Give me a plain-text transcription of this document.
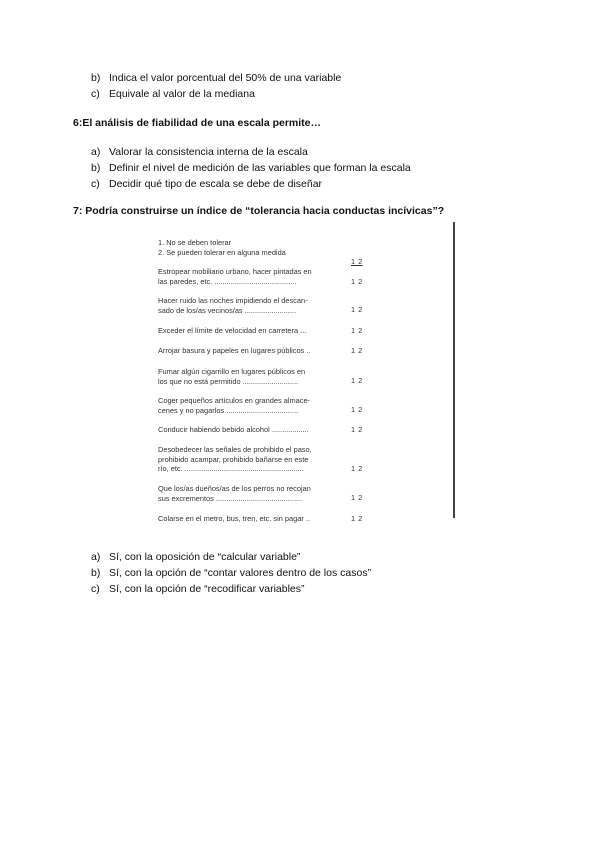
b) Indica el valor porcentual del 50% de una variable
c) Equivale al valor de la mediana
6:El análisis de fiabilidad de una escala permite…
a) Valorar la consistencia interna de la escala
b) Definir el nivel de medición de las variables que forman la escala
c) Decidir qué tipo de escala se debe de diseñar
7: Podría construirse un índice de “tolerancia hacia conductas incívicas”?
1. No se deben tolerar
2. Se pueden tolerar en alguna medida
1 2
Estropear mobiliario urbano, hacer pintadas en
las paredes, etc. ........................................	1 2
Hacer ruido las noches impidiendo el descan-
sado de los/as vecinos/as .........................	1 2
Exceder el límite de velocidad en carretera ...	1 2
Arrojar basura y papeles en lugares públicos ..	1 2
Fumar algún cigarrillo en lugares públicos en
los que no está permitido ...........................	1 2
Coger pequeños artículos en grandes almace-
cenes y no pagarlos ...................................	1 2
Conducir habiendo bebido alcohol ..................	1 2
Desobedecer las señales de prohibido el paso,
prohibido acampar, prohibido bañarse en este
río, etc. ..........................................................	1 2
Que los/as dueños/as de los perros no recojan
sus excrementos ..........................................	1 2
Colarse en el metro, bus, tren, etc. sin pagar ..	1 2
a) Sí, con la oposición de “calcular variable”
b) Sí, con la opción de “contar valores dentro de los casos”
c) Sí, con la opción de “recodificar variables”
